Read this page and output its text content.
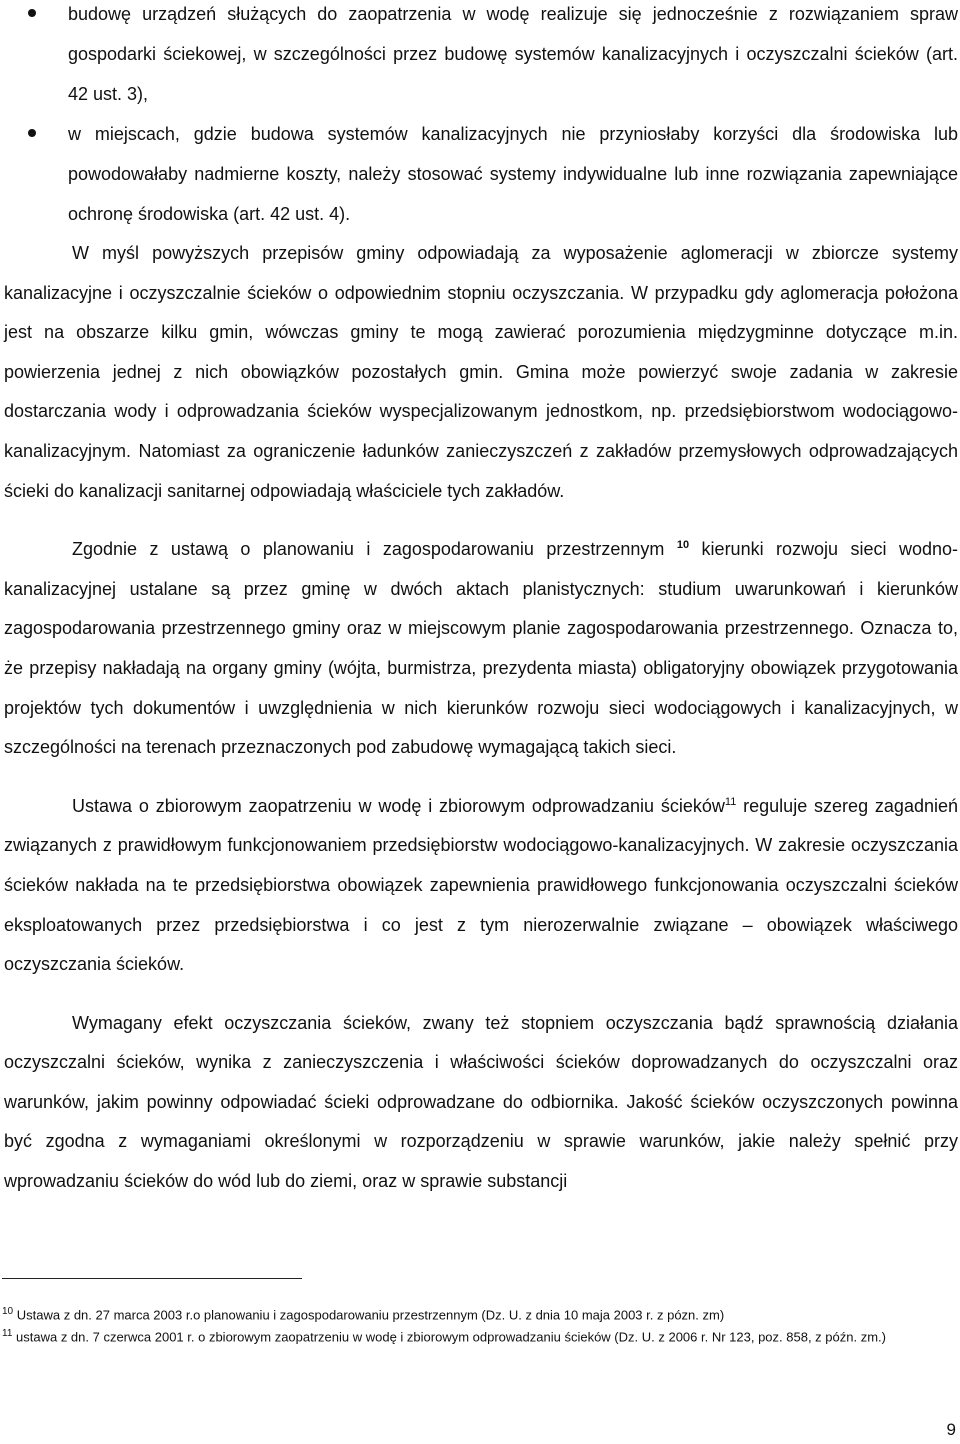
budowę urządzeń służących do zaopatrzenia w wodę realizuje się jednocześnie z rozwiązaniem spraw gospodarki ściekowej, w szczególności przez budowę systemów kanalizacyjnych i oczyszczalni ścieków (art. 42 ust. 3),
w miejscach, gdzie budowa systemów kanalizacyjnych nie przyniosłaby korzyści dla środowiska lub powodowałaby nadmierne koszty, należy stosować systemy indywidualne lub inne rozwiązania zapewniające ochronę środowiska (art. 42 ust. 4).

W myśl powyższych przepisów gminy odpowiadają za wyposażenie aglomeracji w zbiorcze systemy kanalizacyjne i oczyszczalnie ścieków o odpowiednim stopniu oczyszczania. W przypadku gdy aglomeracja położona jest na obszarze kilku gmin, wówczas gminy te mogą zawierać porozumienia międzygminne dotyczące m.in. powierzenia jednej z nich obowiązków pozostałych gmin. Gmina może powierzyć swoje zadania w zakresie dostarczania wody i odprowadzania ścieków wyspecjalizowanym jednostkom, np. przedsiębiorstwom wodociągowo-kanalizacyjnym. Natomiast za ograniczenie ładunków zanieczyszczeń z zakładów przemysłowych odprowadzających ścieki do kanalizacji sanitarnej odpowiadają właściciele tych zakładów.

Zgodnie z ustawą o planowaniu i zagospodarowaniu przestrzennym $^{10}$ kierunki rozwoju sieci wodno-kanalizacyjnej ustalane są przez gminę w dwóch aktach planistycznych: studium uwarunkowań i kierunków zagospodarowania przestrzennego gminy oraz w miejscowym planie zagospodarowania przestrzennego. Oznacza to, że przepisy nakładają na organy gminy (wójta, burmistrza, prezydenta miasta) obligatoryjny obowiązek przygotowania projektów tych dokumentów i uwzględnienia w nich kierunków rozwoju sieci wodociągowych i kanalizacyjnych, w szczególności na terenach przeznaczonych pod zabudowę wymagającą takich sieci.

Ustawa o zbiorowym zaopatrzeniu w wodę i zbiorowym odprowadzaniu ścieków$^{11}$ reguluje szereg zagadnień związanych z prawidłowym funkcjonowaniem przedsiębiorstw wodociągowo-kanalizacyjnych. W zakresie oczyszczania ścieków nakłada na te przedsiębiorstwa obowiązek zapewnienia prawidłowego funkcjonowania oczyszczalni ścieków eksploatowanych przez przedsiębiorstwa i co jest z tym nierozerwalnie związane – obowiązek właściwego oczyszczania ścieków.

Wymagany efekt oczyszczania ścieków, zwany też stopniem oczyszczania bądź sprawnością działania oczyszczalni ścieków, wynika z zanieczyszczenia i właściwości ścieków doprowadzanych do oczyszczalni oraz warunków, jakim powinny odpowiadać ścieki odprowadzane do odbiornika. Jakość ścieków oczyszczonych powinna być zgodna z wymaganiami określonymi w rozporządzeniu w sprawie warunków, jakie należy spełnić przy wprowadzaniu ścieków do wód lub do ziemi, oraz w sprawie substancji

$^{10}$ Ustawa z dn. 27 marca 2003 r.o planowaniu i zagospodarowaniu przestrzennym (Dz. U. z dnia 10 maja 2003 r. z pózn. zm)

$^{11}$ ustawa z dn. 7 czerwca 2001 r. o zbiorowym zaopatrzeniu w wodę i zbiorowym odprowadzaniu ścieków (Dz. U. z 2006 r. Nr 123, poz. 858, z późn. zm.)

9
